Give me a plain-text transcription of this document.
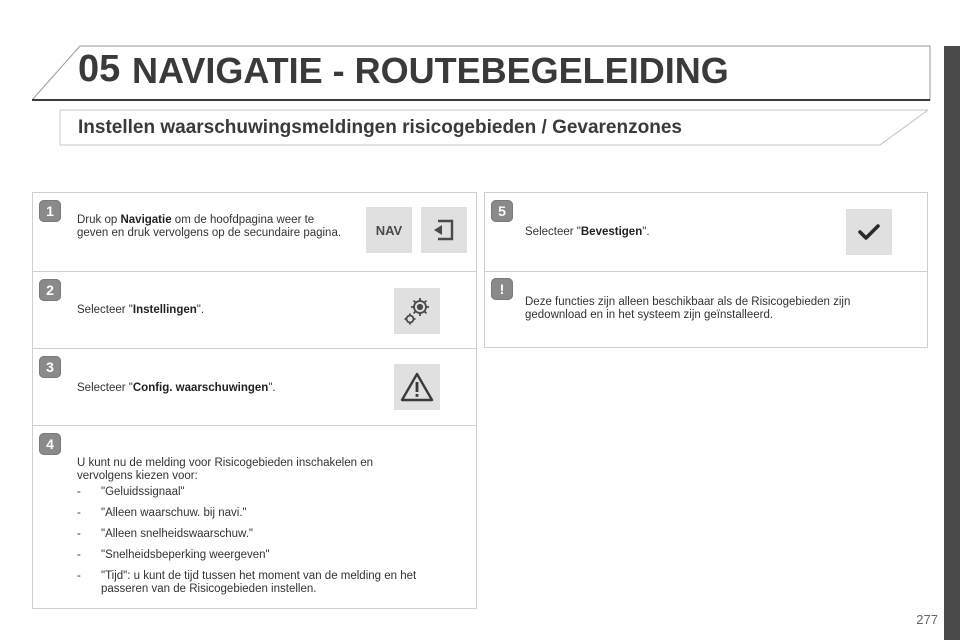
05 NAVIGATIE - ROUTEBEGELEIDING
Instellen waarschuwingsmeldingen risicogebieden / Gevarenzones
1
Druk op Navigatie om de hoofdpagina weer te geven en druk vervolgens op de secundaire pagina.	NAV
2
Selecteer "Instellingen".
3
Selecteer "Config. waarschuwingen".
4
U kunt nu de melding voor Risicogebieden inschakelen en vervolgens kiezen voor:
- "Geluidssignaal"
- "Alleen waarschuw. bij navi."
- "Alleen snelheidswaarschuw."
- "Snelheidsbeperking weergeven"
- "Tijd": u kunt de tijd tussen het moment van de melding en het passeren van de Risicogebieden instellen.
5
Selecteer "Bevestigen".
!
Deze functies zijn alleen beschikbaar als de Risicogebieden zijn gedownload en in het systeem zijn geïnstalleerd.
277
